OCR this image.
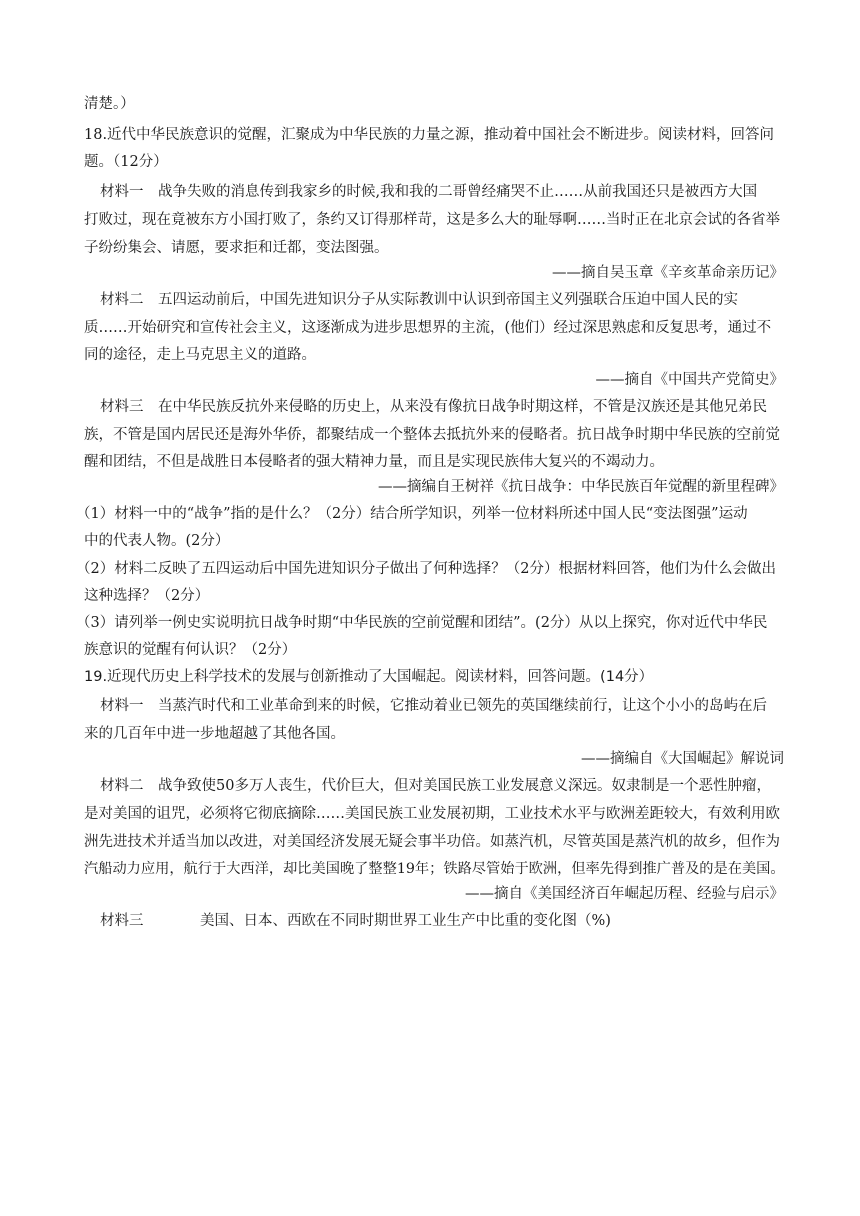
清楚。）
18.近代中华民族意识的觉醒，汇聚成为中华民族的力量之源，推动着中国社会不断进步。阅读材料，回答问
题。（12分）
材料一　战争失败的消息传到我家乡的时候,我和我的二哥曾经痛哭不止……从前我国还只是被西方大国
打败过，现在竟被东方小国打败了，条约又订得那样苛，这是多么大的耻辱啊……当时正在北京会试的各省举
子纷纷集会、请愿，要求拒和迁都，变法图强。
——摘自吴玉章《辛亥革命亲历记》
材料二　五四运动前后，中国先进知识分子从实际教训中认识到帝国主义列强联合压迫中国人民的实
质……开始研究和宣传社会主义，这逐渐成为进步思想界的主流，(他们）经过深思熟虑和反复思考，通过不
同的途径，走上马克思主义的道路。
——摘自《中国共产党简史》
材料三　在中华民族反抗外来侵略的历史上，从来没有像抗日战争时期这样，不管是汉族还是其他兄弟民
族，不管是国内居民还是海外华侨，都聚结成一个整体去抵抗外来的侵略者。抗日战争时期中华民族的空前觉
醒和团结，不但是战胜日本侵略者的强大精神力量，而且是实现民族伟大复兴的不竭动力。
——摘编自王树祥《抗日战争：中华民族百年觉醒的新里程碑》
（1）材料一中的“战争”指的是什么？（2分）结合所学知识，列举一位材料所述中国人民“变法图强”运动
中的代表人物。(2分）
（2）材料二反映了五四运动后中国先进知识分子做出了何种选择？（2分）根据材料回答，他们为什么会做出
这种选择？（2分）
（3）请列举一例史实说明抗日战争时期“中华民族的空前觉醒和团结”。(2分）从以上探究，你对近代中华民
族意识的觉醒有何认识？（2分）
19.近现代历史上科学技术的发展与创新推动了大国崛起。阅读材料，回答问题。(14分）
材料一　当蒸汽时代和工业革命到来的时候，它推动着业已领先的英国继续前行，让这个小小的岛屿在后
来的几百年中进一步地超越了其他各国。
——摘编自《大国崛起》解说词
材料二　战争致使50多万人丧生，代价巨大，但对美国民族工业发展意义深远。奴隶制是一个恶性肿瘤，
是对美国的诅咒，必须将它彻底摘除……美国民族工业发展初期，工业技术水平与欧洲差距较大，有效利用欧
洲先进技术并适当加以改进，对美国经济发展无疑会事半功倍。如蒸汽机，尽管英国是蒸汽机的故乡，但作为
汽船动力应用，航行于大西洋，却比美国晚了整整19年；铁路尽管始于欧洲，但率先得到推广普及的是在美国。
——摘自《美国经济百年崛起历程、经验与启示》
材料三	美国、日本、西欧在不同时期世界工业生产中比重的变化图（%)
